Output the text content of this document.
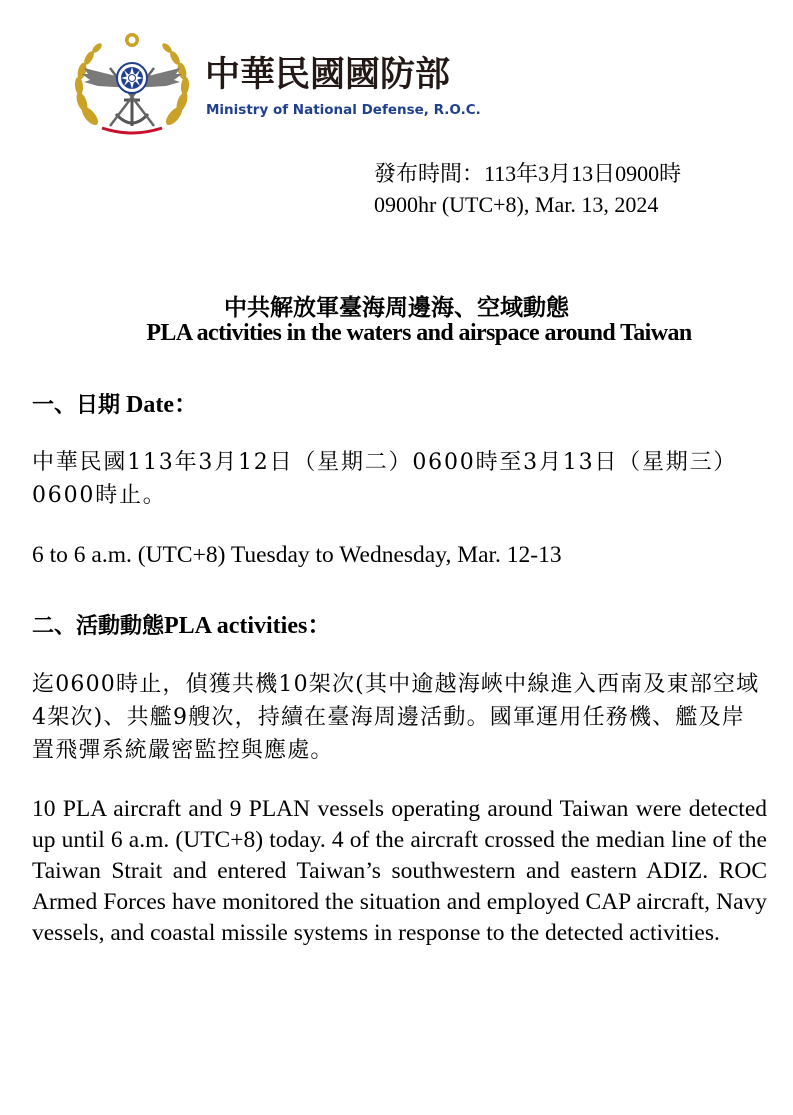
中華民國國防部
Ministry of National Defense, R.O.C.
發布時間：113年3月13日0900時
0900hr (UTC+8), Mar. 13, 2024
中共解放軍臺海周邊海、空域動態
PLA activities in the waters and airspace around Taiwan
一、日期 Date：
中華民國113年3月12日（星期二）0600時至3月13日（星期三）0600時止。
6 to 6 a.m. (UTC+8) Tuesday to Wednesday, Mar. 12-13
二、活動動態PLA activities：
迄0600時止，偵獲共機10架次(其中逾越海峽中線進入西南及東部空域4架次)、共艦9艘次，持續在臺海周邊活動。國軍運用任務機、艦及岸置飛彈系統嚴密監控與應處。
10 PLA aircraft and 9 PLAN vessels operating around Taiwan were detected up until 6 a.m. (UTC+8) today. 4 of the aircraft crossed the median line of the Taiwan Strait and entered Taiwan’s southwestern and eastern ADIZ. ROC Armed Forces have monitored the situation and employed CAP aircraft, Navy vessels, and coastal missile systems in response to the detected activities.
